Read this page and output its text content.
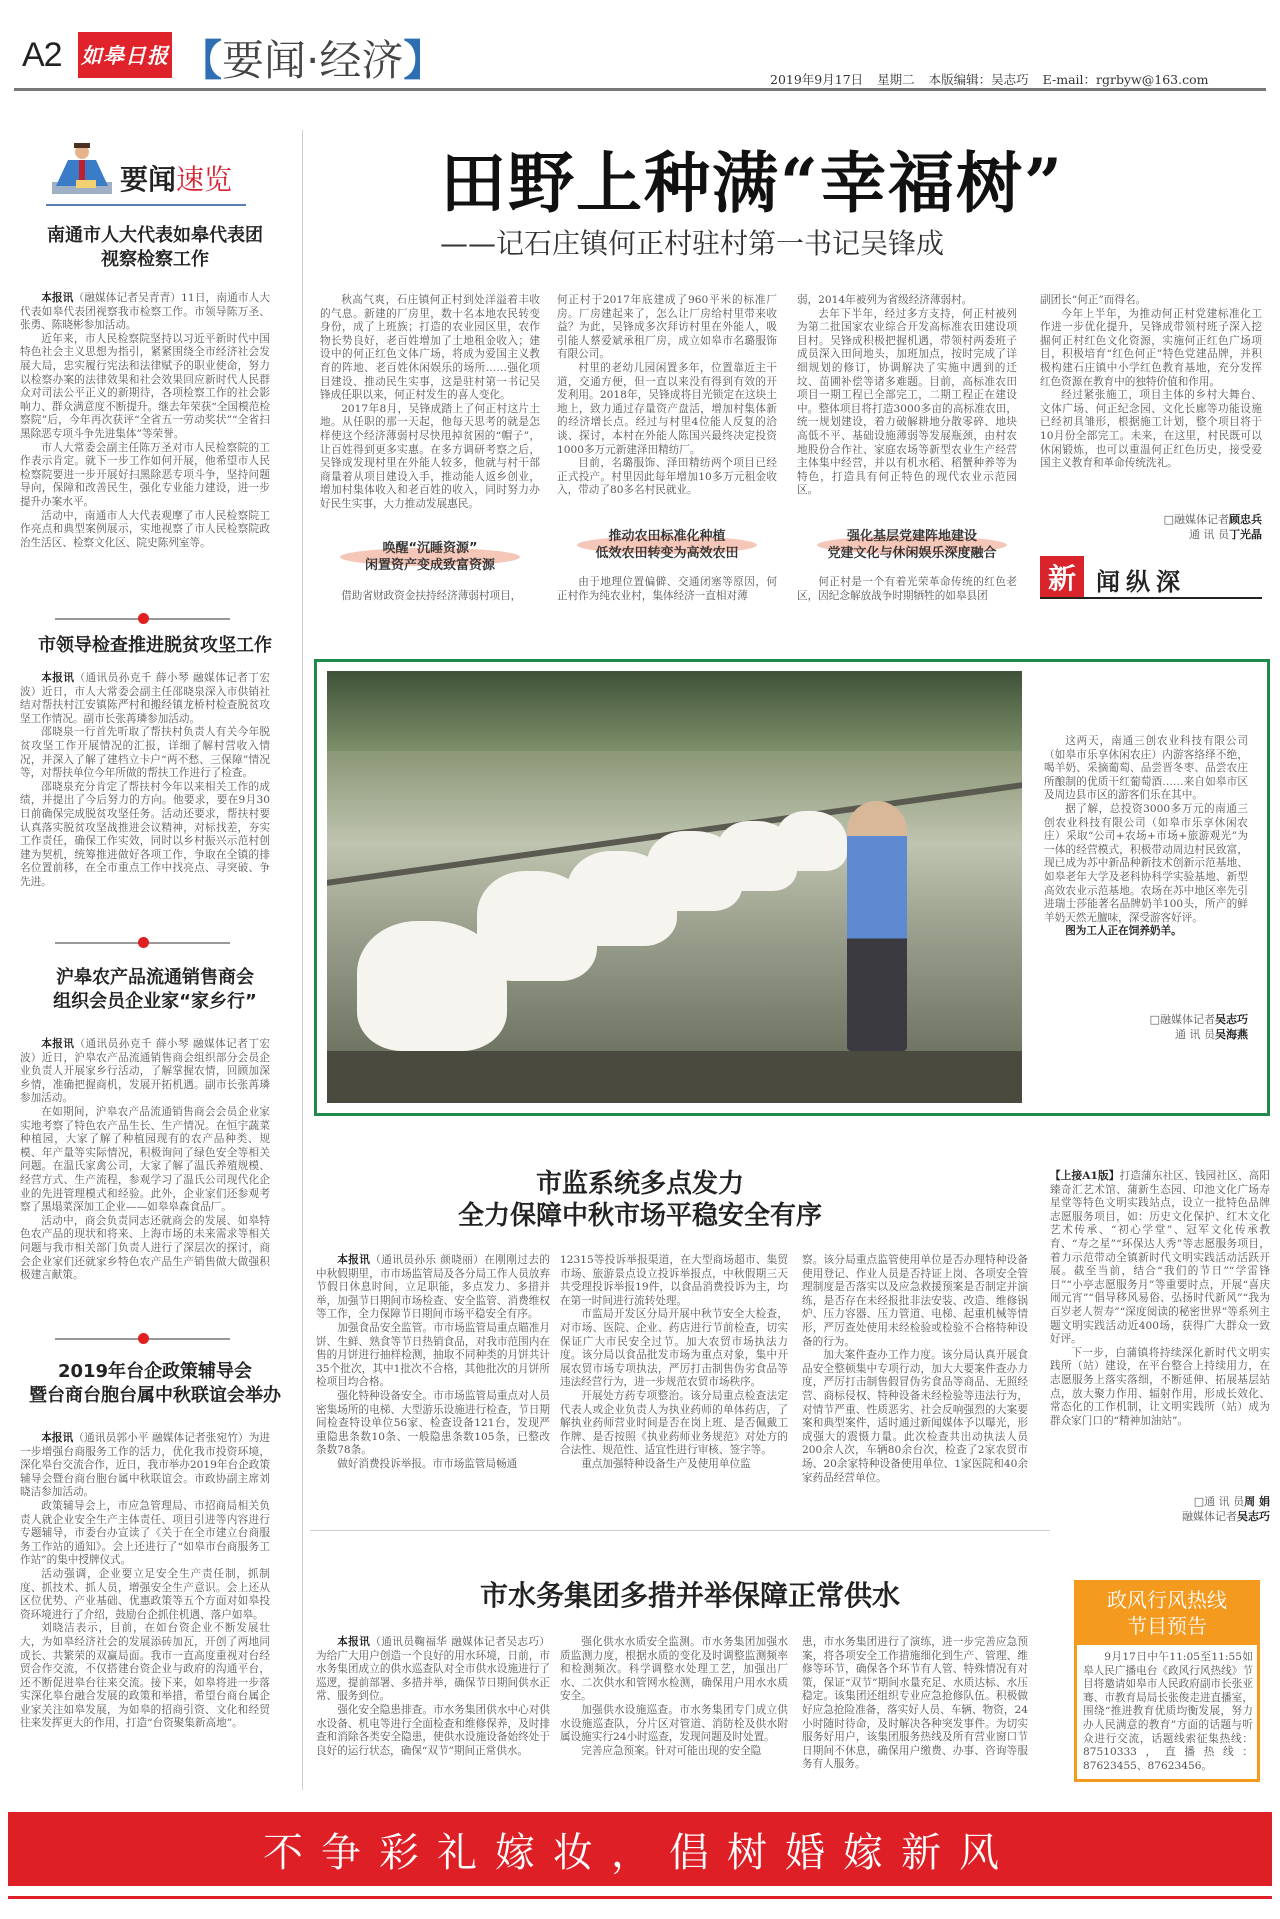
A2 如皋日报 【要闻·经济】	2019年9月17日 星期二 本版编辑：吴志巧 E-mail：rgrbyw@163.com
要闻速览
南通市人大代表如皋代表团
视察检察工作

本报讯（融媒体记者吴青青）11日，南通市人大代表如皋代表团视察我市检察工作。市领导陈万圣、张勇、陈晓彬参加活动。

近年来，市人民检察院坚持以习近平新时代中国特色社会主义思想为指引，紧紧围绕全市经济社会发展大局，忠实履行宪法和法律赋予的职业使命，努力以检察办案的法律效果和社会效果回应新时代人民群众对司法公平正义的新期待，各项检察工作的社会影响力、群众满意度不断提升。继去年荣获“全国模范检察院”后，今年再次获评“全省五一劳动奖状”“全省扫黑除恶专项斗争先进集体”等荣誉。

市人大常委会副主任陈万圣对市人民检察院的工作表示肯定。就下一步工作如何开展，他希望市人民检察院要进一步开展好扫黑除恶专项斗争，坚持问题导向，保障和改善民生，强化专业能力建设，进一步提升办案水平。

活动中，南通市人大代表观摩了市人民检察院工作亮点和典型案例展示，实地视察了市人民检察院政治生活区、检察文化区、院史陈列室等。

市领导检查推进脱贫攻坚工作

本报讯（通讯员孙克千 薛小琴 融媒体记者丁宏波）近日，市人大常委会副主任邵晓泉深入市供销社结对帮扶村江安镇陈严村和搬经镇龙桥村检查脱贫攻坚工作情况。副市长张苒璘参加活动。

邵晓泉一行首先听取了帮扶村负责人有关今年脱贫攻坚工作开展情况的汇报，详细了解村营收入情况，并深入了解了建档立卡户“两不愁、三保障”情况等，对帮扶单位今年所做的帮扶工作进行了检查。

邵晓泉充分肯定了帮扶村今年以来相关工作的成绩，并提出了今后努力的方向。他要求，要在9月30日前确保完成脱贫攻坚任务。活动还要求，帮扶村要认真落实脱贫攻坚战推进会议精神，对标找差，夯实工作责任，确保工作实效，同时以乡村振兴示范村创建为契机，统筹推进做好各项工作，争取在全镇的排名位置前移，在全市重点工作中找亮点、寻突破、争先进。

沪皋农产品流通销售商会
组织会员企业家“家乡行”

本报讯（通讯员孙克千 薛小琴 融媒体记者丁宏波）近日，沪皋农产品流通销售商会组织部分会员企业负责人开展家乡行活动，了解掌握农情，回顾加深乡情，准确把握商机，发展开拓机遇。副市长张苒璘参加活动。

在如期间，沪皋农产品流通销售商会会员企业家实地考察了特色农产品生长、生产情况。在恒宇蔬菜种植园，大家了解了种植园现有的农产品种类、规模、年产量等实际情况，积极询问了绿色安全等相关问题。在温氏家禽公司，大家了解了温氏养殖规模、经营方式、生产流程，参观学习了温氏公司现代化企业的先进管理模式和经验。此外，企业家们还参观考察了黑塌菜深加工企业——如皋皋森食品厂。

活动中，商会负责同志还就商会的发展、如皋特色农产品的现状和将来、上海市场的未来需求等相关问题与我市相关部门负责人进行了深层次的探讨，商会企业家们还就家乡特色农产品生产销售做大做强积极建言献策。

2019年台企政策辅导会
暨台商台胞台属中秋联谊会举办

本报讯（通讯员郭小平 融媒体记者张宛竹）为进一步增强台商服务工作的活力，优化我市投资环境，深化皋台交流合作，近日，我市举办2019年台企政策辅导会暨台商台胞台属中秋联谊会。市政协副主席刘晓洁参加活动。

政策辅导会上，市应急管理局、市招商局相关负责人就企业安全生产主体责任、项目引进等内容进行专题辅导，市委台办宣读了《关于在全市建立台商服务工作站的通知》。会上还进行了“如皋市台商服务工作站”的集中授牌仪式。

活动强调，企业要立足安全生产责任制，抓制度、抓技术、抓人员，增强安全生产意识。会上还从区位优势、产业基础、优惠政策等五个方面对如皋投资环境进行了介绍，鼓励台企抓住机遇、落户如皋。

刘晓洁表示，目前，在如台资企业不断发展壮大，为如皋经济社会的发展添砖加瓦，开创了两地同成长、共繁荣的双赢局面。我市一直高度重视对台经贸合作交流，不仅搭建台资企业与政府的沟通平台，还不断促进皋台往来交流。接下来，如皋将进一步落实深化皋台融合发展的政策和举措，希望台商台属企业家关注如皋发展，为如皋的招商引资、文化和经贸往来发挥更大的作用，打造“台资聚集新高地”。

田野上种满“幸福树”
——记石庄镇何正村驻村第一书记吴锋成

秋高气爽，石庄镇何正村到处洋溢着丰收的气息。新建的厂房里，数十名本地农民转变身份，成了上班族；打造的农业园区里，农作物长势良好，老百姓增加了土地租金收入；建设中的何正红色文体广场，将成为爱国主义教育的阵地、老百姓休闲娱乐的场所……强化项目建设、推动民生实事，这是驻村第一书记吴锋成任职以来，何正村发生的喜人变化。

2017年8月，吴锋成踏上了何正村这片土地。从任职的那一天起，他每天思考的就是怎样使这个经济薄弱村尽快甩掉贫困的“帽子”，让百姓得到更多实惠。在多方调研考察之后，吴锋成发现村里在外能人较多，他就与村干部商量着从项目建设入手，推动能人返乡创业，增加村集体收入和老百姓的收入，同时努力办好民生实事，大力推动发展惠民。

唤醒“沉睡资源”
闲置资产变成致富资源

借助省财政资金扶持经济薄弱村项目，

何正村于2017年底建成了960平米的标准厂房。厂房建起来了，怎么让厂房给村里带来收益？为此，吴锋成多次拜访村里在外能人，吸引能人蔡爱斌承租厂房，成立如皋市名璐服饰有限公司。

村里的老幼儿园闲置多年，位置靠近主干道，交通方便，但一直以来没有得到有效的开发利用。2018年，吴锋成将目光锁定在这块土地上，致力通过存量资产盘活，增加村集体新的经济增长点。经过与村里4位能人反复的洽谈、探讨，本村在外能人陈国兴最终决定投资1000多万元新建泽田精纺厂。

目前，名璐服饰、泽田精纺两个项目已经正式投产。村里因此每年增加10多万元租金收入，带动了80多名村民就业。

推动农田标准化种植
低效农田转变为高效农田

由于地理位置偏僻、交通闭塞等原因，何正村作为纯农业村，集体经济一直相对薄

弱，2014年被列为省级经济薄弱村。

去年下半年，经过多方支持，何正村被列为第二批国家农业综合开发高标准农田建设项目村。吴锋成积极把握机遇，带领村两委班子成员深入田间地头，加班加点，按时完成了详细规划的修订，协调解决了实施中遇到的迁坟、苗圃补偿等诸多难题。目前，高标准农田项目一期工程已全部完工，二期工程正在建设中。整体项目将打造3000多亩的高标准农田，统一规划建设，着力破解耕地分散零碎、地块高低不平、基础设施薄弱等发展瓶颈，由村农地股份合作社、家庭农场等新型农业生产经营主体集中经营，并以有机水稻、稻蟹种养等为特色，打造具有何正特色的现代农业示范园区。

强化基层党建阵地建设
党建文化与休闲娱乐深度融合

何正村是一个有着光荣革命传统的红色老区，因纪念解放战争时期牺牲的如皋县团

副团长“何正”而得名。

今年上半年，为推动何正村党建标准化工作进一步优化提升，吴锋成带领村班子深入挖掘何正村红色文化资源，实施何正红色广场项目，积极培育“红色何正”特色党建品牌，并积极构建石庄镇中小学红色教育基地，充分发挥红色资源在教育中的独特价值和作用。

经过紧张施工，项目主体的乡村大舞台、文体广场、何正纪念园、文化长廊等功能设施已经初具雏形，根据施工计划，整个项目将于10月份全部完工。未来，在这里，村民既可以休闲锻炼，也可以重温何正红色历史，接受爱国主义教育和革命传统洗礼。

□融媒体记者顾忠兵
通 讯 员丁光晶
新 闻纵深

这两天，南通三创农业科技有限公司（如皋市乐享休闲农庄）内游客络绎不绝，喝羊奶、采摘葡萄、品尝晋冬枣、品尝农庄所酿制的优质干红葡萄酒……来自如皋市区及周边县市区的游客们乐在其中。

据了解，总投资3000多万元的南通三创农业科技有限公司（如皋市乐享休闲农庄）采取“公司+农场+市场+旅游观光”为一体的经营模式，积极带动周边村民致富，现已成为苏中新品种新技术创新示范基地、如皋老年大学及老科协科学实验基地、新型高效农业示范基地。农场在苏中地区率先引进瑞士莎能著名品牌奶羊100头，所产的鲜羊奶天然无膻味，深受游客好评。

图为工人正在饲养奶羊。

□融媒体记者吴志巧
通 讯 员吴海燕
市监系统多点发力
全力保障中秋市场平稳安全有序

本报讯（通讯员孙乐 颜晓丽）在刚刚过去的中秋假期里，市市场监管局及各分局工作人员放弃节假日休息时间，立足职能，多点发力、多措并举，加强节日期间市场检查、安全监管、消费维权等工作，全力保障节日期间市场平稳安全有序。

加强食品安全监管。市市场监管局重点瞄准月饼、生鲜、熟食等节日热销食品，对我市范围内在售的月饼进行抽样检测，抽取不同种类的月饼共计35个批次，其中1批次不合格，其他批次的月饼所检项目均合格。

强化特种设备安全。市市场监管局重点对人员密集场所的电梯、大型游乐设施进行检查，节日期间检查特设单位56家、检查设备121台，发现严重隐患条数10条、一般隐患条数105条，已整改条数78条。

做好消费投诉举报。市市场监管局畅通

12315等投诉举报渠道，在大型商场超市、集贸市场、旅游景点设立投诉举报点，中秋假期三天共受理投诉举报19件，以食品消费投诉为主，均在第一时间进行流转处理。

市监局开发区分局开展中秋节安全大检查，对市场、医院、企业、药店进行节前检查，切实保证广大市民安全过节。加大农贸市场执法力度。该分局以食品批发市场为重点对象，集中开展农贸市场专项执法，严厉打击制售伪劣食品等违法经营行为，进一步规范农贸市场秩序。

开展处方药专项整治。该分局重点检查法定代表人或企业负责人为执业药师的单体药店，了解执业药师营业时间是否在岗上班、是否佩戴工作牌、是否按照《执业药师业务规范》对处方的合法性、规范性、适宜性进行审核、签字等。

重点加强特种设备生产及使用单位监

察。该分局重点监管使用单位是否办理特种设备使用登记、作业人员是否持证上岗、各项安全管理制度是否落实以及应急救援预案是否制定并演练，是否存在未经报批非法安装、改造、维修锅炉、压力容器、压力管道、电梯、起重机械等情形，严厉查处使用未经检验或检验不合格特种设备的行为。

加大案件查办工作力度。该分局认真开展食品安全整顿集中专项行动，加大大要案件查办力度，严厉打击制售假冒伪劣食品等商品、无照经营、商标侵权、特种设备未经检验等违法行为，对情节严重、性质恶劣、社会反响强烈的大案要案和典型案件，适时通过新闻媒体予以曝光，形成强大的震慑力量。此次检查共出动执法人员200余人次，车辆80余台次，检查了2家农贸市场、20余家特种设备使用单位、1家医院和40余家药品经营单位。

【上接A1版】打造蒲东社区、钱园社区、高阳臻奇汇艺术馆、蒲新生态园、印池文化广场寿星堂等特色文明实践站点，设立一批特色品牌志愿服务项目，如：历史文化保护、红木文化艺术传承、“初心学堂”、冠军文化传承教育、“寿之星”“环保达人秀”等志愿服务项目，着力示范带动全镇新时代文明实践活动活跃开展。截至当前，结合“我们的节日”“学雷锋日”“小亭志愿服务月”等重要时点，开展“喜庆闹元宵”“倡导移风易俗、弘扬时代新风”“我为百岁老人贺寿”“深度阅读的秘密世界”等系列主题文明实践活动近400场，获得广大群众一致好评。

下一步，白蒲镇将持续深化新时代文明实践所（站）建设，在平台整合上持续用力，在志愿服务上落实落细，不断延伸、拓展基层站点，放大聚力作用、辐射作用，形成长效化、常态化的工作机制，让文明实践所（站）成为群众家门口的“精神加油站”。

□通 讯 员周 娟
融媒体记者吴志巧
市水务集团多措并举保障正常供水

本报讯（通讯员鞠福华 融媒体记者吴志巧）为给广大用户创造一个良好的用水环境，日前，市水务集团成立的供水巡查队对全市供水设施进行了巡逻，提前部署、多措并举，确保节日期间供水正常、服务到位。

强化安全隐患排查。市水务集团供水中心对供水设备、机电等进行全面检查和维修保养，及时排查和消除各类安全隐患，使供水设施设备始终处于良好的运行状态，确保“双节”期间正常供水。

强化供水水质安全监测。市水务集团加强水质监测力度，根据水质的变化及时调整监测频率和检测频次。科学调整水处理工艺，加强出厂水、二次供水和管网水检测，确保用户用水水质安全。

加强供水设施巡查。市水务集团专门成立供水设施巡查队，分片区对管道、消防栓及供水附属设施实行24小时巡查，发现问题及时处置。

完善应急预案。针对可能出现的安全隐

患，市水务集团进行了演练，进一步完善应急预案，将各项安全工作措施细化到生产、管理、维修等环节，确保各个环节有人管、特殊情况有对策，保证“双节”期间水量充足、水质达标、水压稳定。该集团还组织专业应急抢修队伍。积极做好应急抢险准备，落实好人员、车辆、物资，24小时随时待命，及时解决各种突发事件。为切实服务好用户，该集团服务热线及所有营业窗口节日期间不休息，确保用户缴费、办事、咨询等服务有人服务。

政风行风热线
节目预告

9月17日中午11:05至11:55如皋人民广播电台《政风行风热线》节目将邀请如皋市人民政府副市长张亚骞、市教育局局长张俊走进直播室，围绕“推进教育优质均衡发展，努力办人民满意的教育”方面的话题与听众进行交流，话题线索征集热线：87510333，直播热线：87623455、87623456。

不争彩礼嫁妆，倡树婚嫁新风
